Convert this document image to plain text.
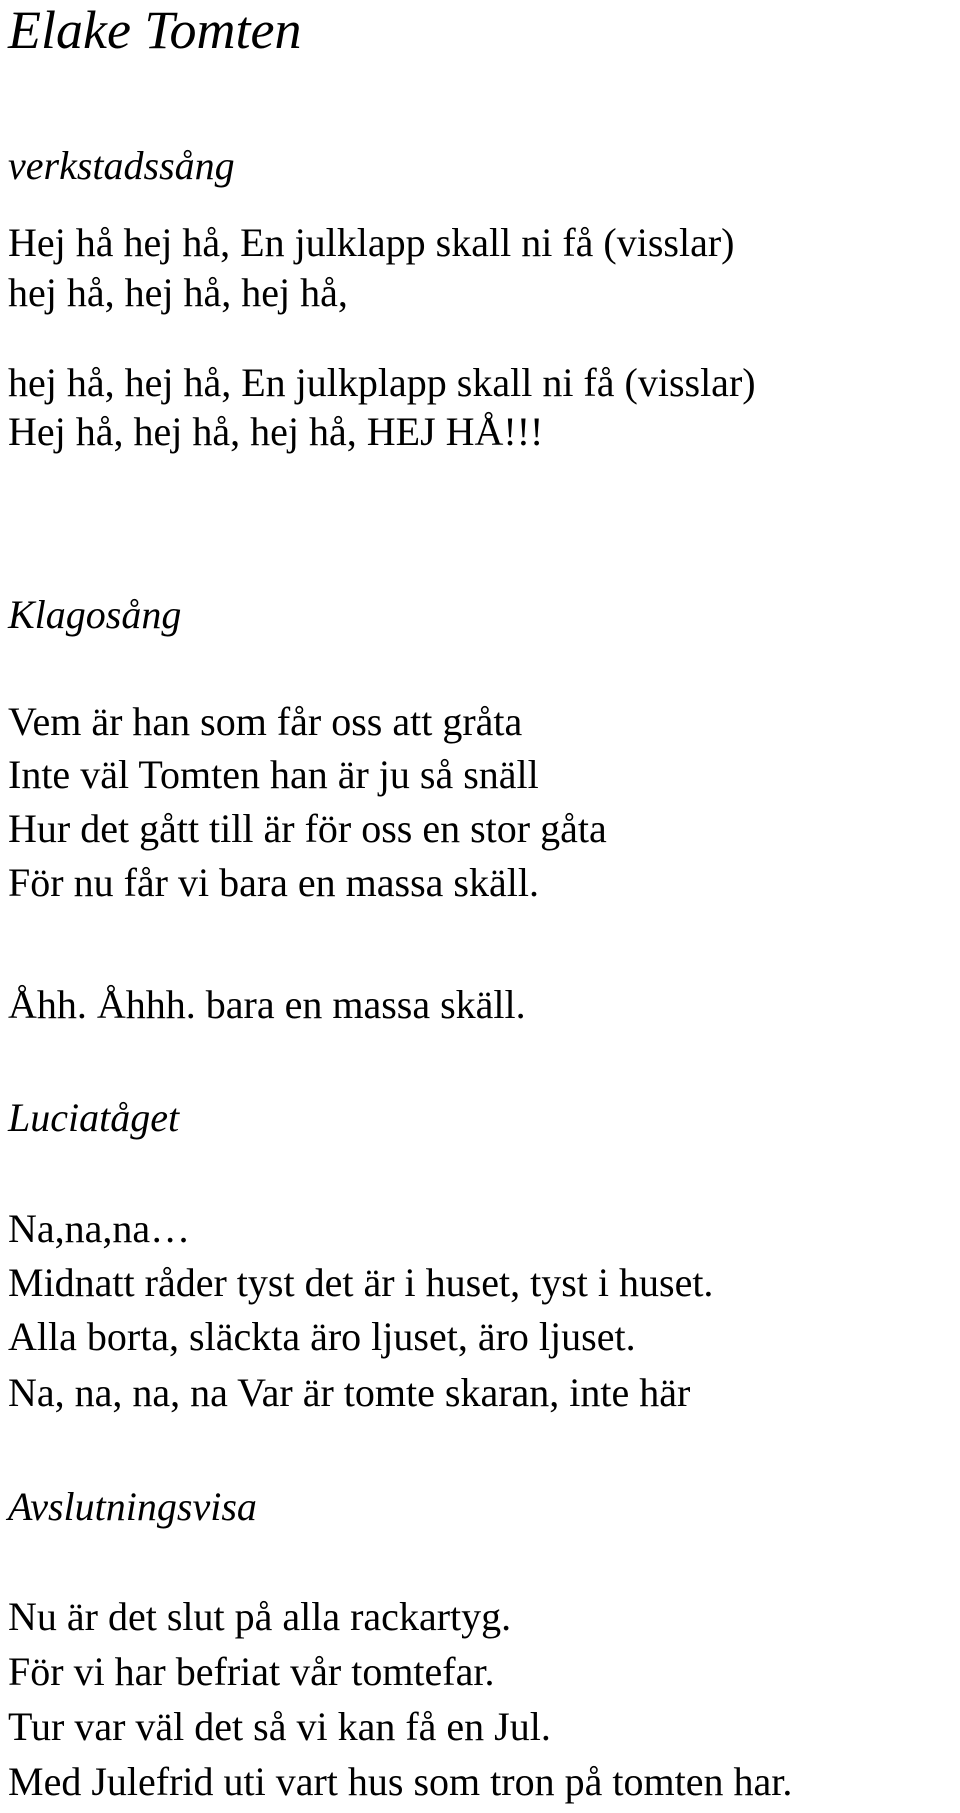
Elake Tomten
verkstadssång

Hej hå hej hå, En julklapp skall ni få (visslar)

hej hå, hej hå, hej hå,

hej hå, hej hå, En julkplapp skall ni få (visslar)

Hej hå, hej hå, hej hå, HEJ HÅ!!!

Klagosång

Vem är han som får oss att gråta

Inte väl Tomten han är ju så snäll

Hur det gått till är för oss en stor gåta

För nu får vi bara en massa skäll.

Åhh. Åhhh. bara en massa skäll.

Luciatåget

Na,na,na…

Midnatt råder tyst det är i huset, tyst i huset.

Alla borta, släckta äro ljuset, äro ljuset.

Na, na, na, na Var är tomte skaran, inte här

Avslutningsvisa

Nu är det slut på alla rackartyg.

För vi har befriat vår tomtefar.

Tur var väl det så vi kan få en Jul.

Med Julefrid uti vart hus som tron på tomten har.
